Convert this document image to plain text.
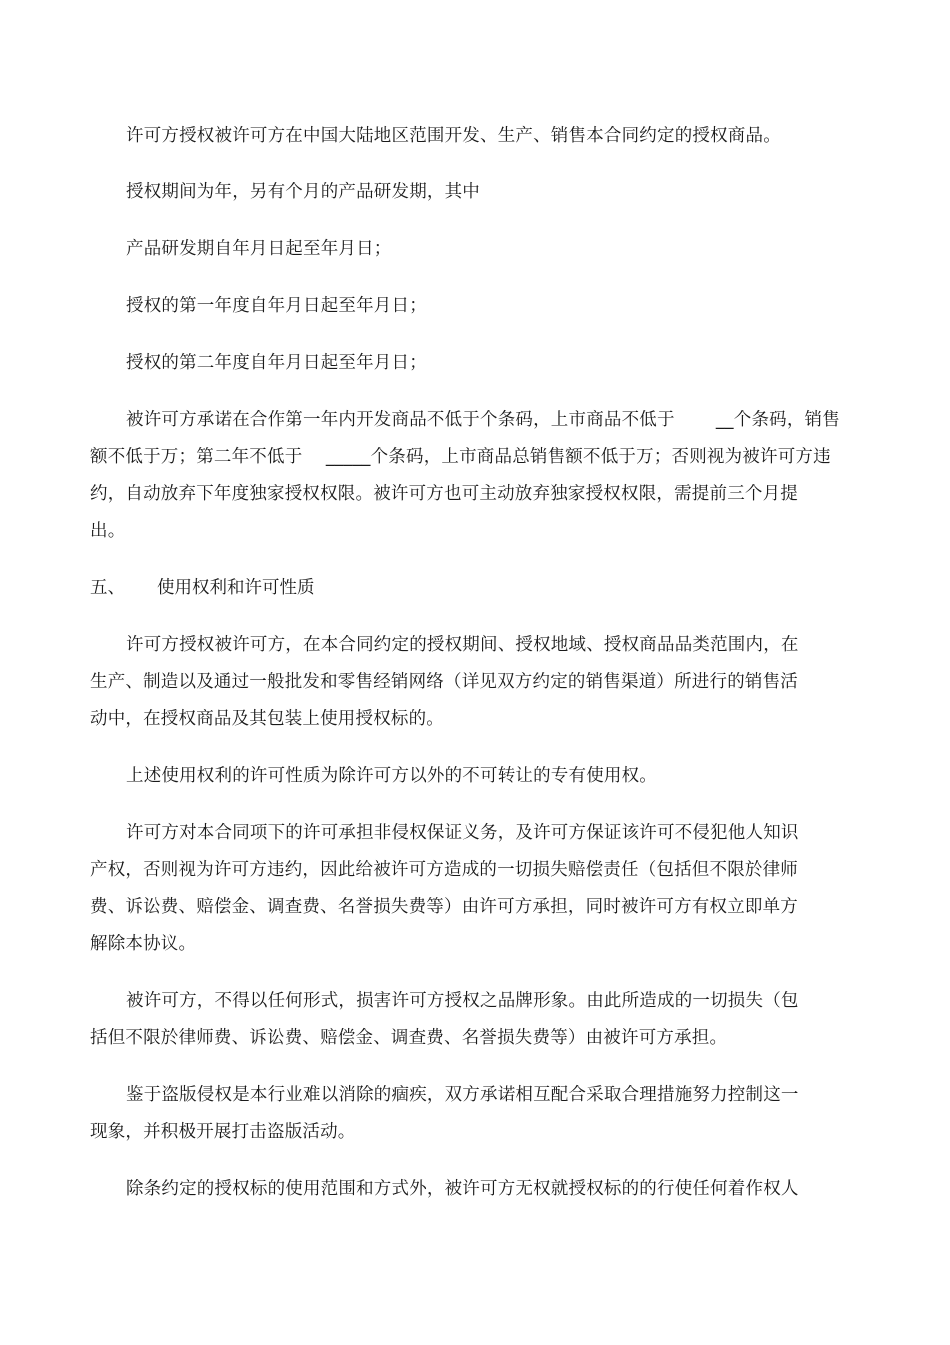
许可方授权被许可方在中国大陆地区范围开发、生产、销售本合同约定的授权商品。
授权期间为年，另有个月的产品研发期，其中
产品研发期自年月日起至年月日；
授权的第一年度自年月日起至年月日；
授权的第二年度自年月日起至年月日；
被许可方承诺在合作第一年内开发商品不低于个条码，上市商品不低于　　 __个条码，销售
额不低于万；第二年不低于　 _____个条码，上市商品总销售额不低于万；否则视为被许可方违
约，自动放弃下年度独家授权权限。被许可方也可主动放弃独家授权权限，需提前三个月提
出。
五、 使用权利和许可性质
许可方授权被许可方，在本合同约定的授权期间、授权地域、授权商品品类范围内，在
生产、制造以及通过一般批发和零售经销网络（详见双方约定的销售渠道）所进行的销售活
动中，在授权商品及其包装上使用授权标的。
上述使用权利的许可性质为除许可方以外的不可转让的专有使用权。
许可方对本合同项下的许可承担非侵权保证义务，及许可方保证该许可不侵犯他人知识
产权，否则视为许可方违约，因此给被许可方造成的一切损失赔偿责任（包括但不限於律师
费、诉讼费、赔偿金、调查费、名誉损失费等）由许可方承担，同时被许可方有权立即单方
解除本协议。
被许可方，不得以任何形式，损害许可方授权之品牌形象。由此所造成的一切损失（包
括但不限於律师费、诉讼费、赔偿金、调查费、名誉损失费等）由被许可方承担。
鉴于盗版侵权是本行业难以消除的痼疾，双方承诺相互配合采取合理措施努力控制这一
现象，并积极开展打击盗版活动。
除条约定的授权标的使用范围和方式外，被许可方无权就授权标的的行使任何着作权人
